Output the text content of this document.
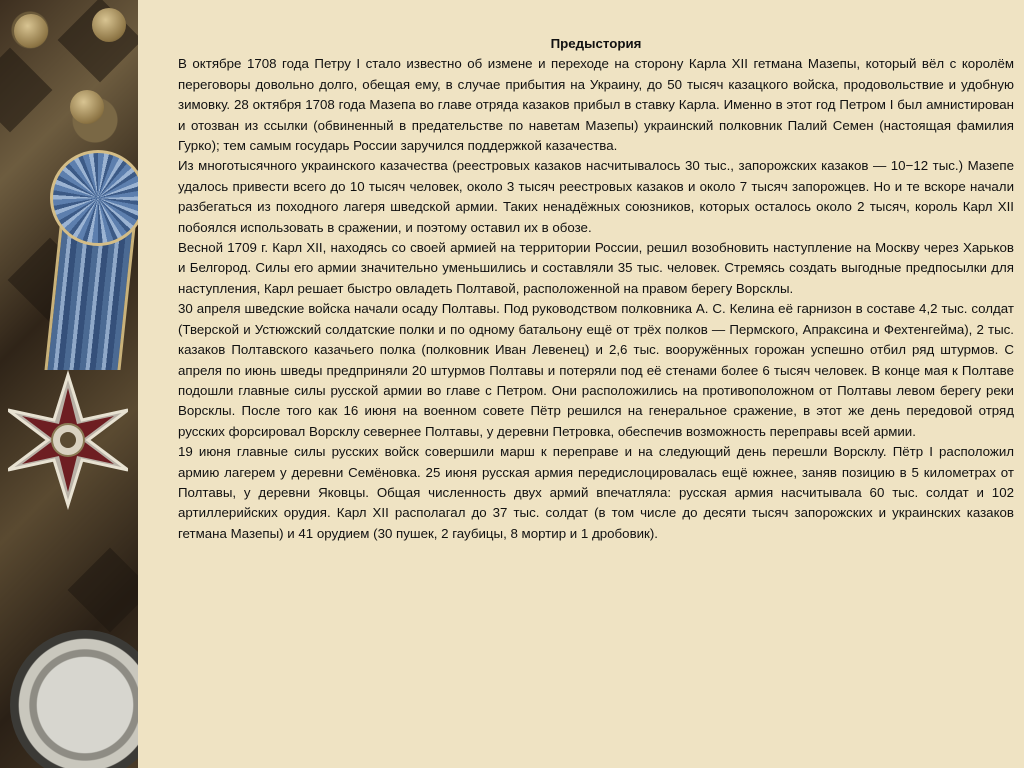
Предыстория

В октябре 1708 года Петру I стало известно об измене и переходе на сторону Карла XII гетмана Мазепы, который вёл с королём переговоры довольно долго, обещая ему, в случае прибытия на Украину, до 50 тысяч казацкого войска, продовольствие и удобную зимовку. 28 октября 1708 года Мазепа во главе отряда казаков прибыл в ставку Карла. Именно в этот год Петром I был амнистирован и отозван из ссылки (обвиненный в предательстве по наветам Мазепы) украинский полковник Палий Семен (настоящая фамилия Гурко); тем самым государь России заручился поддержкой казачества.

Из многотысячного украинского казачества (реестровых казаков насчитывалось 30 тыс., запорожских казаков — 10−12 тыс.) Мазепе удалось привести всего до 10 тысяч человек, около 3 тысяч реестровых казаков и около 7 тысяч запорожцев. Но и те вскоре начали разбегаться из походного лагеря шведской армии. Таких ненадёжных союзников, которых осталось около 2 тысяч, король Карл XII побоялся использовать в сражении, и поэтому оставил их в обозе.

Весной 1709 г. Карл XII, находясь со своей армией на территории России, решил возобновить наступление на Москву через Харьков и Белгород. Силы его армии значительно уменьшились и составляли 35 тыс. человек. Стремясь создать выгодные предпосылки для наступления, Карл решает быстро овладеть Полтавой, расположенной на правом берегу Ворсклы.

30 апреля шведские войска начали осаду Полтавы. Под руководством полковника А. С. Келина её гарнизон в составе 4,2 тыс. солдат (Тверской и Устюжский солдатские полки и по одному батальону ещё от трёх полков — Пермского, Апраксина и Фехтенгейма), 2 тыс. казаков Полтавского казачьего полка (полковник Иван Левенец) и 2,6 тыс. вооружённых горожан успешно отбил ряд штурмов. С апреля по июнь шведы предприняли 20 штурмов Полтавы и потеряли под её стенами более 6 тысяч человек. В конце мая к Полтаве подошли главные силы русской армии во главе с Петром. Они расположились на противоположном от Полтавы левом берегу реки Ворсклы. После того как 16 июня на военном совете Пётр решился на генеральное сражение, в этот же день передовой отряд русских форсировал Ворсклу севернее Полтавы, у деревни Петровка, обеспечив возможность переправы всей армии.

19 июня главные силы русских войск совершили марш к переправе и на следующий день перешли Ворсклу. Пётр I расположил армию лагерем у деревни Семёновка. 25 июня русская армия передислоцировалась ещё южнее, заняв позицию в 5 километрах от Полтавы, у деревни Яковцы. Общая численность двух армий впечатляла: русская армия насчитывала 60 тыс. солдат и 102 артиллерийских орудия. Карл XII располагал до 37 тыс. солдат (в том числе до десяти тысяч запорожских и украинских казаков гетмана Мазепы) и 41 орудием (30 пушек, 2 гаубицы, 8 мортир и 1 дробовик).
